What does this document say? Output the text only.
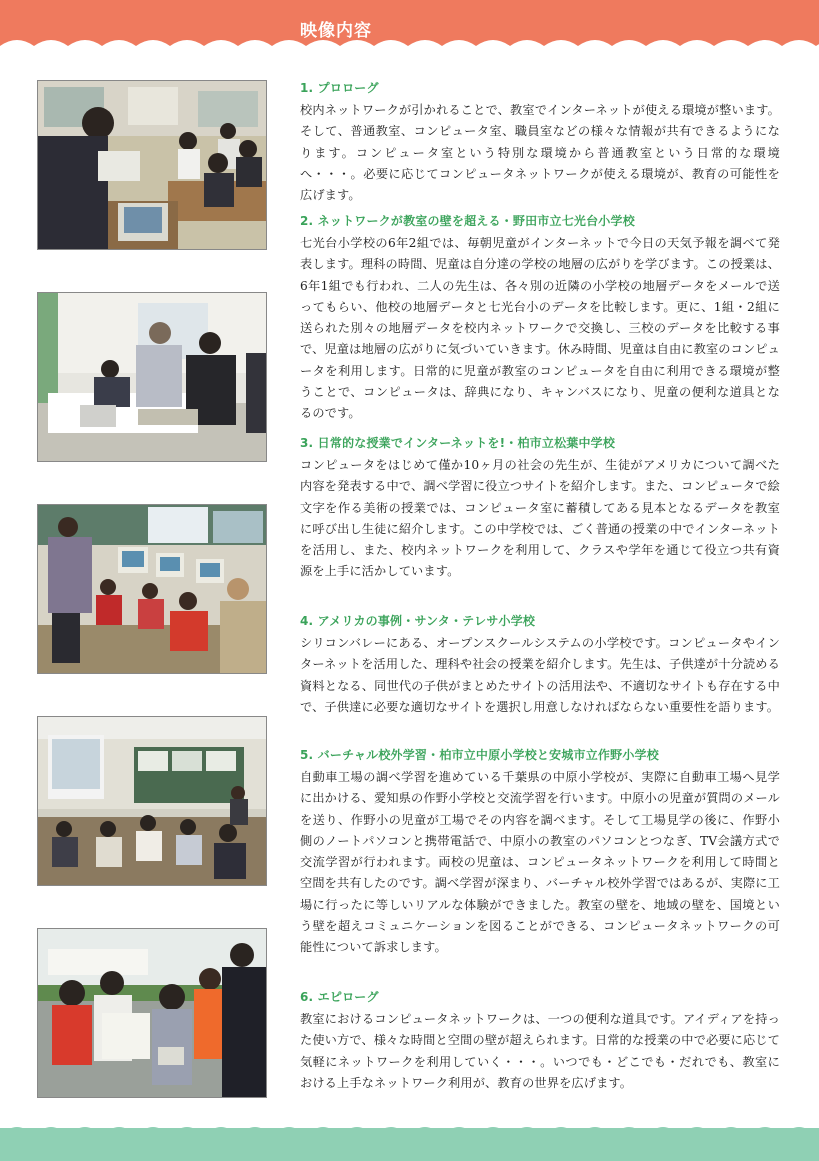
映像内容
1. プロローグ

校内ネットワークが引かれることで、教室でインターネットが使える環境が整います。そして、普通教室、コンピュータ室、職員室などの様々な情報が共有できるようになります。コンピュータ室という特別な環境から普通教室という日常的な環境へ・・・。必要に応じてコンピュータネットワークが使える環境が、教育の可能性を広げます。

2. ネットワークが教室の壁を超える・野田市立七光台小学校

七光台小学校の6年2組では、毎朝児童がインターネットで今日の天気予報を調べて発表します。理科の時間、児童は自分達の学校の地層の広がりを学びます。この授業は、6年1組でも行われ、二人の先生は、各々別の近隣の小学校の地層データをメールで送ってもらい、他校の地層データと七光台小のデータを比較します。更に、1組・2組に送られた別々の地層データを校内ネットワークで交換し、三校のデータを比較する事で、児童は地層の広がりに気づいていきます。休み時間、児童は自由に教室のコンピュータを利用します。日常的に児童が教室のコンピュータを自由に利用できる環境が整うことで、コンピュータは、辞典になり、キャンバスになり、児童の便利な道具となるのです。

3. 日常的な授業でインターネットを!・柏市立松葉中学校

コンピュータをはじめて僅か10ヶ月の社会の先生が、生徒がアメリカについて調べた内容を発表する中で、調べ学習に役立つサイトを紹介します。また、コンピュータで絵文字を作る美術の授業では、コンピュータ室に蓄積してある見本となるデータを教室に呼び出し生徒に紹介します。この中学校では、ごく普通の授業の中でインターネットを活用し、また、校内ネットワークを利用して、クラスや学年を通じて役立つ共有資源を上手に活かしています。

4. アメリカの事例・サンタ・テレサ小学校

シリコンバレーにある、オープンスクールシステムの小学校です。コンピュータやインターネットを活用した、理科や社会の授業を紹介します。先生は、子供達が十分読める資料となる、同世代の子供がまとめたサイトの活用法や、不適切なサイトも存在する中で、子供達に必要な適切なサイトを選択し用意しなければならない重要性を語ります。

5. バーチャル校外学習・柏市立中原小学校と安城市立作野小学校

自動車工場の調べ学習を進めている千葉県の中原小学校が、実際に自動車工場へ見学に出かける、愛知県の作野小学校と交流学習を行います。中原小の児童が質問のメールを送り、作野小の児童が工場でその内容を調べます。そして工場見学の後に、作野小側のノートパソコンと携帯電話で、中原小の教室のパソコンとつなぎ、TV会議方式で交流学習が行われます。両校の児童は、コンピュータネットワークを利用して時間と空間を共有したのです。調べ学習が深まり、バーチャル校外学習ではあるが、実際に工場に行ったに等しいリアルな体験ができました。教室の壁を、地域の壁を、国境という壁を超えコミュニケーションを図ることができる、コンピュータネットワークの可能性について訴求します。

6. エピローグ

教室におけるコンピュータネットワークは、一つの便利な道具です。アイディアを持った使い方で、様々な時間と空間の壁が超えられます。日常的な授業の中で必要に応じて気軽にネットワークを利用していく・・・。いつでも・どこでも・だれでも、教室における上手なネットワーク利用が、教育の世界を広げます。
